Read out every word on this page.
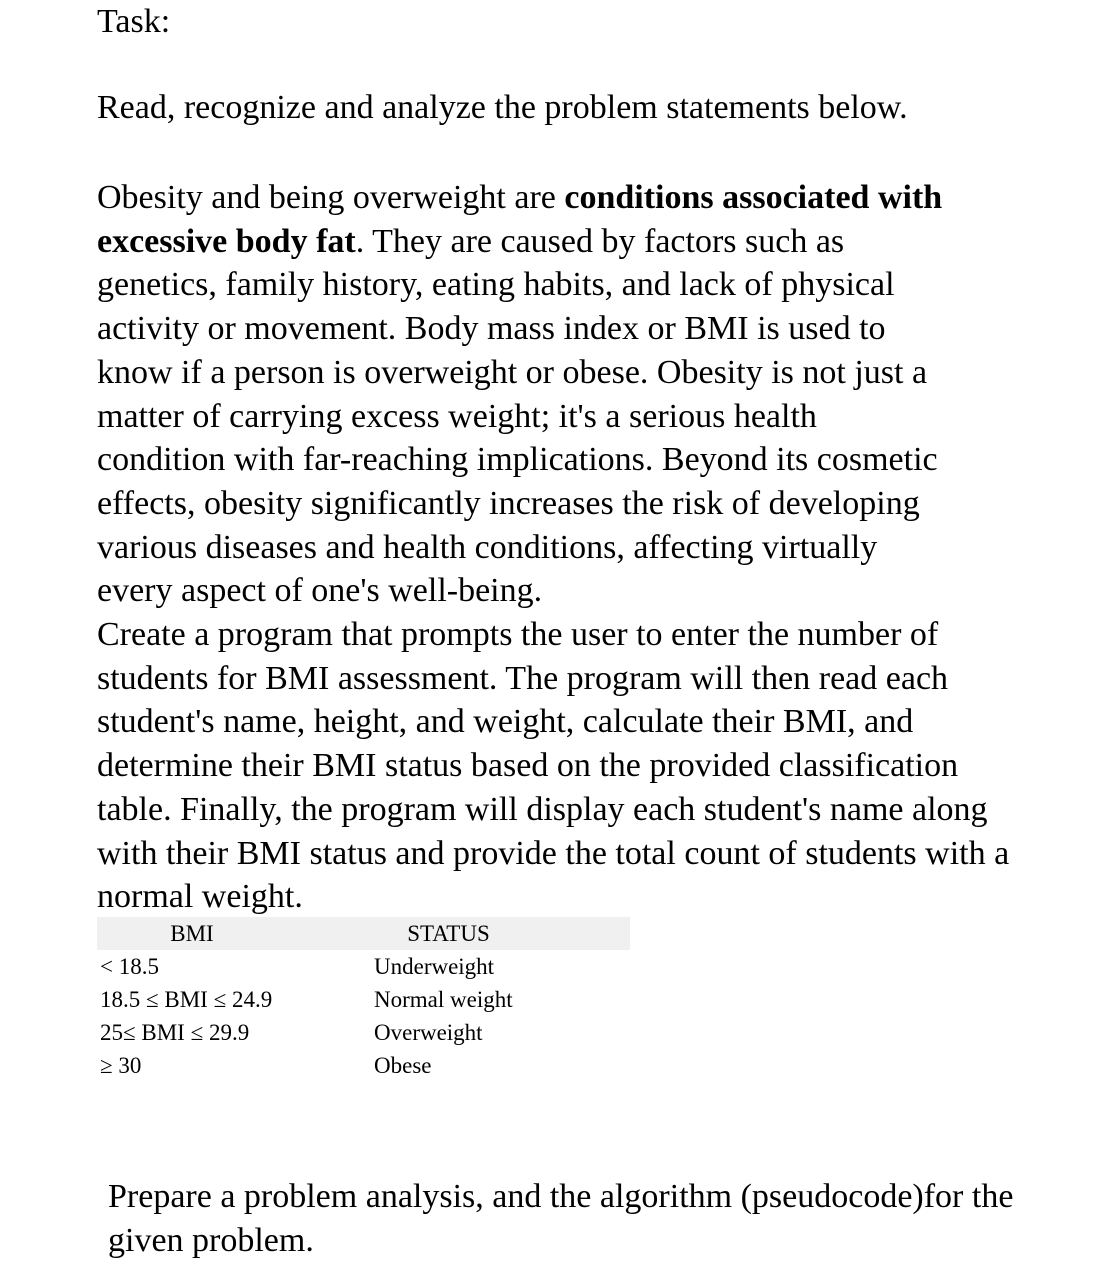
Task:

Read, recognize and analyze the problem statements below.

Obesity and being overweight are conditions associated with
excessive body fat. They are caused by factors such as
genetics, family history, eating habits, and lack of physical
activity or movement. Body mass index or BMI is used to
know if a person is overweight or obese. Obesity is not just a
matter of carrying excess weight; it's a serious health
condition with far-reaching implications. Beyond its cosmetic
effects, obesity significantly increases the risk of developing
various diseases and health conditions, affecting virtually
every aspect of one's well-being.
Create a program that prompts the user to enter the number of
students for BMI assessment. The program will then read each
student's name, height, and weight, calculate their BMI, and
determine their BMI status based on the provided classification
table. Finally, the program will display each student's name along
with their BMI status and provide the total count of students with a
normal weight.
BMI	STATUS
< 18.5	Underweight
18.5 ≤ BMI ≤ 24.9	Normal weight
25≤ BMI ≤ 29.9	Overweight
≥ 30	Obese
Prepare a problem analysis, and the algorithm (pseudocode)for the
given problem.
